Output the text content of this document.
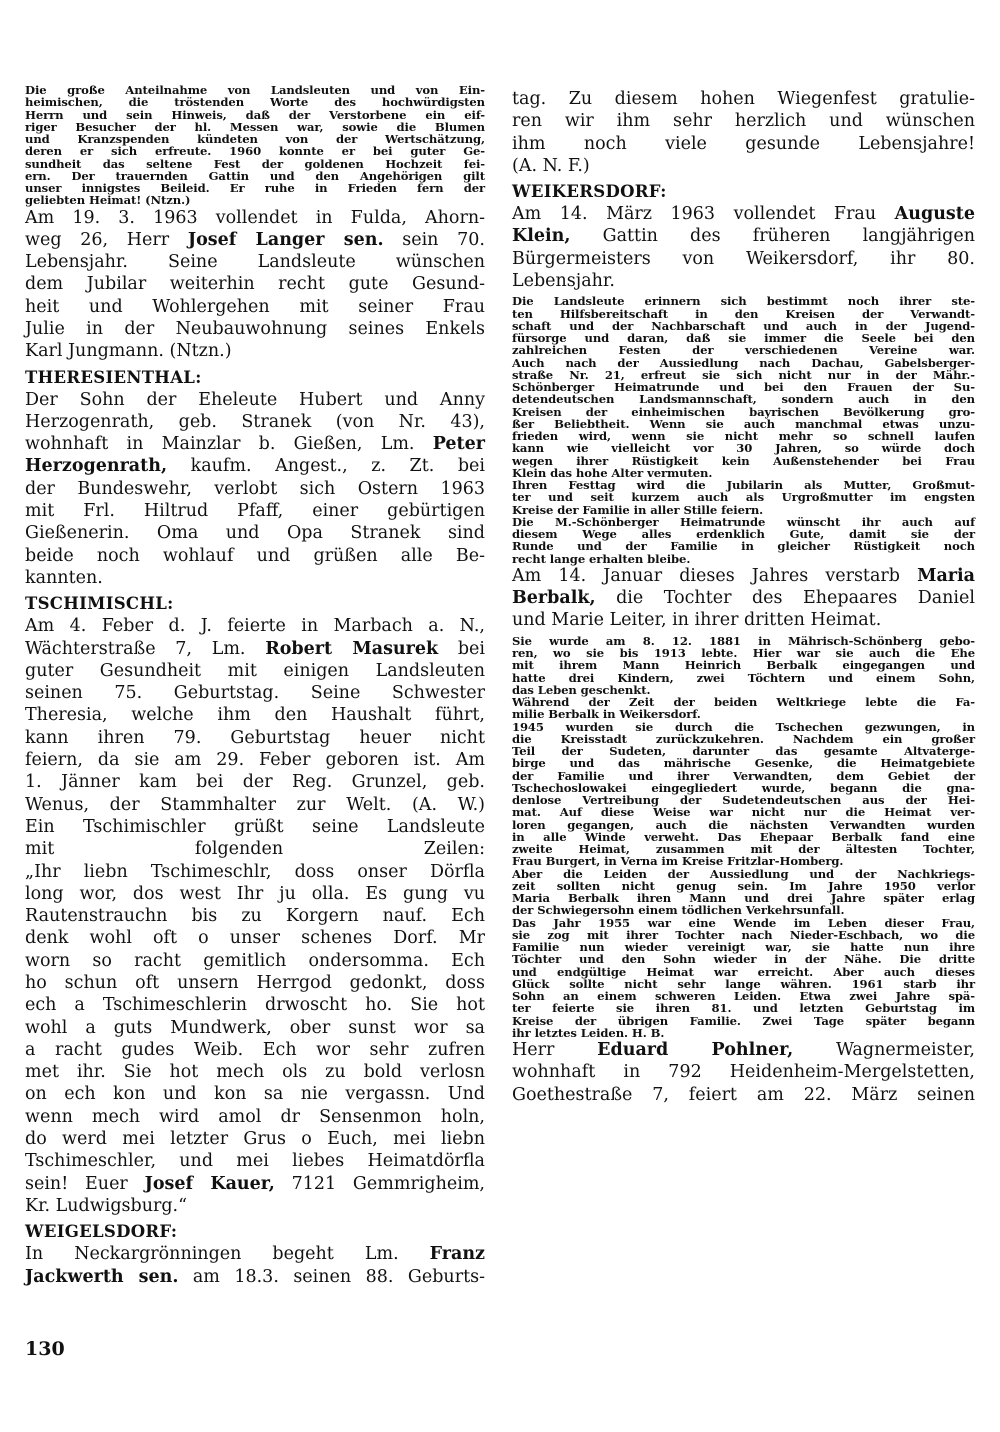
Die große Anteilnahme von Landsleuten und von Ein-
heimischen, die tröstenden Worte des hochwürdigsten
Herrn und sein Hinweis, daß der Verstorbene ein eif-
riger Besucher der hl. Messen war, sowie die Blumen
und Kranzspenden kündeten von der Wertschätzung,
deren er sich erfreute. 1960 konnte er bei guter Ge-
sundheit das seltene Fest der goldenen Hochzeit fei-
ern. Der trauernden Gattin und den Angehörigen gilt
unser innigstes Beileid. Er ruhe in Frieden fern der
geliebten Heimat! (Ntzn.)
Am 19. 3. 1963 vollendet in Fulda, Ahorn-
weg 26, Herr Josef Langer sen. sein 70.
Lebensjahr. Seine Landsleute wünschen
dem Jubilar weiterhin recht gute Gesund-
heit und Wohlergehen mit seiner Frau
Julie in der Neubauwohnung seines Enkels
Karl Jungmann. (Ntzn.)
THERESIENTHAL:
Der Sohn der Eheleute Hubert und Anny
Herzogenrath, geb. Stranek (von Nr. 43),
wohnhaft in Mainzlar b. Gießen, Lm. Peter
Herzogenrath, kaufm. Angest., z. Zt. bei
der Bundeswehr, verlobt sich Ostern 1963
mit Frl. Hiltrud Pfaff, einer gebürtigen
Gießenerin. Oma und Opa Stranek sind
beide noch wohlauf und grüßen alle Be-
kannten.
TSCHIMISCHL:
Am 4. Feber d. J. feierte in Marbach a. N.,
Wächterstraße 7, Lm. Robert Masurek bei
guter Gesundheit mit einigen Landsleuten
seinen 75. Geburtstag. Seine Schwester
Theresia, welche ihm den Haushalt führt,
kann ihren 79. Geburtstag heuer nicht
feiern, da sie am 29. Feber geboren ist. Am
1. Jänner kam bei der Reg. Grunzel, geb.
Wenus, der Stammhalter zur Welt. (A. W.)
Ein Tschimischler grüßt seine Landsleute
mit folgenden Zeilen:
„Ihr liebn Tschimeschlr, doss onser Dörfla
long wor, dos west Ihr ju olla. Es gung vu
Rautenstrauchn bis zu Korgern nauf. Ech
denk wohl oft o unser schenes Dorf. Mr
worn so racht gemitlich ondersomma. Ech
ho schun oft unsern Herrgod gedonkt, doss
ech a Tschimeschlerin drwoscht ho. Sie hot
wohl a guts Mundwerk, ober sunst wor sa
a racht gudes Weib. Ech wor sehr zufren
met ihr. Sie hot mech ols zu bold verlosn
on ech kon und kon sa nie vergassn. Und
wenn mech wird amol dr Sensenmon holn,
do werd mei letzter Grus o Euch, mei liebn
Tschimeschler, und mei liebes Heimatdörfla
sein! Euer Josef Kauer, 7121 Gemmrigheim,
Kr. Ludwigsburg.“
WEIGELSDORF:
In Neckargrönningen begeht Lm. Franz
Jackwerth sen. am 18.3. seinen 88. Geburts-
tag. Zu diesem hohen Wiegenfest gratulie-
ren wir ihm sehr herzlich und wünschen
ihm noch viele gesunde Lebensjahre!
(A. N. F.)
WEIKERSDORF:
Am 14. März 1963 vollendet Frau Auguste
Klein, Gattin des früheren langjährigen
Bürgermeisters von Weikersdorf, ihr 80.
Lebensjahr.
Die Landsleute erinnern sich bestimmt noch ihrer ste-
ten Hilfsbereitschaft in den Kreisen der Verwandt-
schaft und der Nachbarschaft und auch in der Jugend-
fürsorge und daran, daß sie immer die Seele bei den
zahlreichen Festen der verschiedenen Vereine war.
Auch nach der Aussiedlung nach Dachau, Gabelsberger-
straße Nr. 21, erfreut sie sich nicht nur in der Mähr.-
Schönberger Heimatrunde und bei den Frauen der Su-
detendeutschen Landsmannschaft, sondern auch in den
Kreisen der einheimischen bayrischen Bevölkerung gro-
ßer Beliebtheit. Wenn sie auch manchmal etwas unzu-
frieden wird, wenn sie nicht mehr so schnell laufen
kann wie vielleicht vor 30 Jahren, so würde doch
wegen ihrer Rüstigkeit kein Außenstehender bei Frau
Klein das hohe Alter vermuten.
Ihren Festtag wird die Jubilarin als Mutter, Großmut-
ter und seit kurzem auch als Urgroßmutter im engsten
Kreise der Familie in aller Stille feiern.
Die M.-Schönberger Heimatrunde wünscht ihr auch auf
diesem Wege alles erdenklich Gute, damit sie der
Runde und der Familie in gleicher Rüstigkeit noch
recht lange erhalten bleibe.
Am 14. Januar dieses Jahres verstarb Maria
Berbalk, die Tochter des Ehepaares Daniel
und Marie Leiter, in ihrer dritten Heimat.
Sie wurde am 8. 12. 1881 in Mährisch-Schönberg gebo-
ren, wo sie bis 1913 lebte. Hier war sie auch die Ehe
mit ihrem Mann Heinrich Berbalk eingegangen und
hatte drei Kindern, zwei Töchtern und einem Sohn,
das Leben geschenkt.
Während der Zeit der beiden Weltkriege lebte die Fa-
milie Berbalk in Weikersdorf.
1945 wurden sie durch die Tschechen gezwungen, in
die Kreisstadt zurückzukehren. Nachdem ein großer
Teil der Sudeten, darunter das gesamte Altvaterge-
birge und das mährische Gesenke, die Heimatgebiete
der Familie und ihrer Verwandten, dem Gebiet der
Tschechoslowakei eingegliedert wurde, begann die gna-
denlose Vertreibung der Sudetendeutschen aus der Hei-
mat. Auf diese Weise war nicht nur die Heimat ver-
loren gegangen, auch die nächsten Verwandten wurden
in alle Winde verweht. Das Ehepaar Berbalk fand eine
zweite Heimat, zusammen mit der ältesten Tochter,
Frau Burgert, in Verna im Kreise Fritzlar-Homberg.
Aber die Leiden der Aussiedlung und der Nachkriegs-
zeit sollten nicht genug sein. Im Jahre 1950 verlor
Maria Berbalk ihren Mann und drei Jahre später erlag
der Schwiegersohn einem tödlichen Verkehrsunfall.
Das Jahr 1955 war eine Wende im Leben dieser Frau,
sie zog mit ihrer Tochter nach Nieder-Eschbach, wo die
Familie nun wieder vereinigt war, sie hatte nun ihre
Töchter und den Sohn wieder in der Nähe. Die dritte
und endgültige Heimat war erreicht. Aber auch dieses
Glück sollte nicht sehr lange währen. 1961 starb ihr
Sohn an einem schweren Leiden. Etwa zwei Jahre spä-
ter feierte sie ihren 81. und letzten Geburtstag im
Kreise der übrigen Familie. Zwei Tage später begann
ihr letztes Leiden. H. B.
Herr Eduard Pohlner, Wagnermeister,
wohnhaft in 792 Heidenheim-Mergelstetten,
Goethestraße 7, feiert am 22. März seinen
130
